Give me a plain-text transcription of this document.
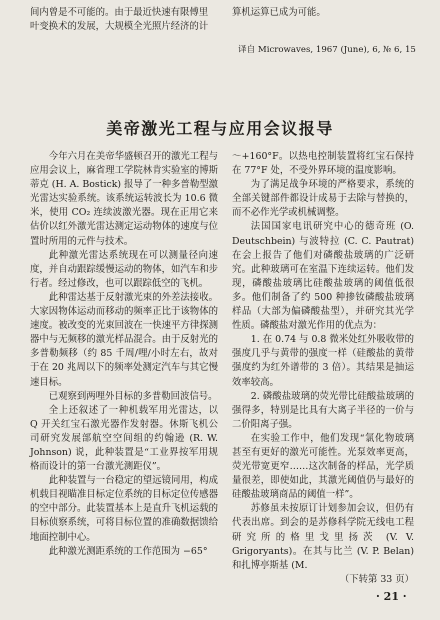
间内曾是不可能的。由于最近快速有限傅里

叶变换术的发展，大规模全光照片经济的计

算机运算已成为可能。

译自 Microwaves, 1967 (June), 6, № 6, 15
美帝激光工程与应用会议报导

今年六月在美帝华盛顿召开的激光工程与应用会议上，麻省理工学院林肯实验室的博斯蒂克 (H. A. Bostick) 报导了一种多普勒型激光雷达实验系统。该系统运转波长为 10.6 微米，使用 CO₂ 连续波激光器。现在正用它来估价以红外激光雷达测定运动物体的速度与位置时所用的元件与技术。

此种激光雷达系统现在可以测量径向速度，并自动跟踪缓慢运动的物体，如汽车和步行者。经过修改，也可以跟踪低空的飞机。

此种雷达基于反射激光束的外差法接收。大家因物体运动而移动的频率正比于该物体的速度。被改变的光束回波在一快速平方律探测器中与无频移的激光样品混合。由于反射光的多普勒频移（约 85 千周/哩/小时左右，故对于在 20 兆周以下的频率处测定汽车与其它慢速目标。

已观察到两哩外目标的多普勒回波信号。

全上还叙述了一种机载军用光雷达，以 Q 开关红宝石激光器作发射器。休斯飞机公司研究发展部航空空间组的约翰逊 (R. W. Johnson) 说，此种装置是“工业界按军用规格而设计的第一台激光测距仪”。

此种装置与一台稳定的望远镜同用，构成机载目视瞄准目标定位系统的目标定位传感器的空中部分。此装置基本上是直升飞机运载的目标侦察系统，可将目标位置的准确数据馈给地面控制中心。

此种激光测距系统的工作范围为 −65°

～+160°F。以热电控制装置将红宝石保持在 77°F 处，不受外界环境的温度影响。

为了满足战争环境的严格要求，系统的全部关键部件都设计成易于去除与替换的，而不必作光学或机械调整。

法国国家电讯研究中心的德奇班 (O. Deutschbein) 与波特拉 (C. C. Pautrat) 在会上报告了他们对磷酸盐玻璃的广泛研究。此种玻璃可在室温下连续运转。他们发现，磷酸盐玻璃比硅酸盐玻璃的阈值低很多。他们制备了约 500 种掺钕磷酸盐玻璃样品（大部为偏磷酸盐型），并研究其光学性质。磷酸盐对激光作用的优点为：

1. 在 0.74 与 0.8 微米处红外吸收带的强度几乎与黄带的强度一样（硅酸盐的黄带强度约为红外谱带的 3 倍）。其结果是抽运效率较高。

2. 磷酸盐玻璃的荧光带比硅酸盐玻璃的强得多，特别是比具有大离子半径的一价与二价阳离子强。

在实验工作中，他们发现“氯化物玻璃甚至有更好的激光可能性。光泵效率更高，荧光带宽更窄……这次制备的样品，光学质量很差，即使如此，其激光阈值仍与最好的硅酸盐玻璃商品的阈值一样”。

苏修虽未按原订计划参加会议，但仍有代表出席。到会的是苏修科学院无线电工程研究所的格里戈里扬茨 (V. V. Grigoryants)。在其与比兰 (V. P. Belan) 和扎博亭斯基 (M.

（下转第 33 页）

· 21 ·
